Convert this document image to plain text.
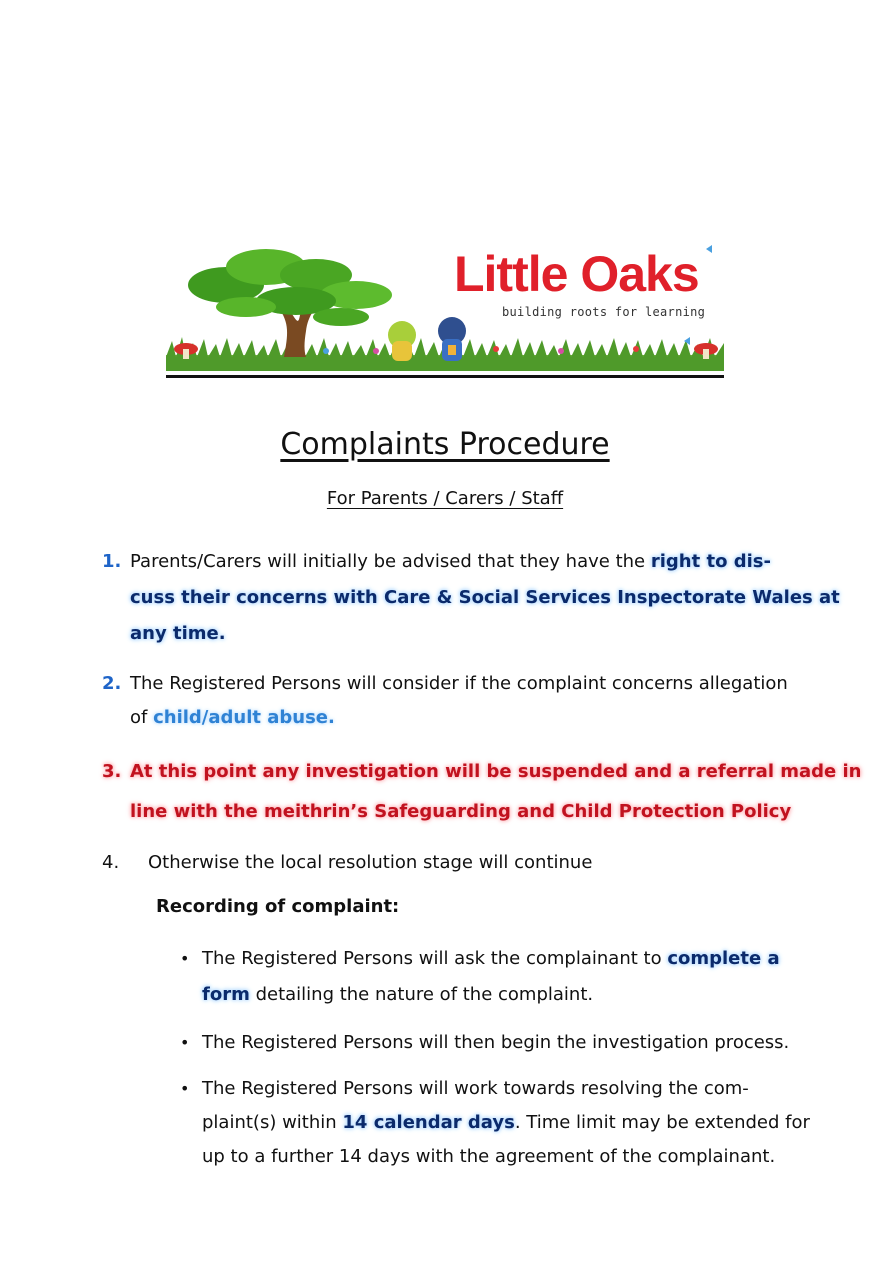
Little Oaks
building roots for learning
Complaints Procedure
For Parents / Carers / Staff
1. Parents/Carers will initially be advised that they have the right to dis-
cuss their concerns with Care & Social Services Inspectorate Wales at
any time.
2. The Registered Persons will consider if the complaint concerns allegation
of child/adult abuse.
3. At this point any investigation will be suspended and a referral made in
line with the meithrin’s Safeguarding and Child Protection Policy
4. Otherwise the local resolution stage will continue
Recording of complaint:
• The Registered Persons will ask the complainant to complete a
form detailing the nature of the complaint.
• The Registered Persons will then begin the investigation process.
• The Registered Persons will work towards resolving the com-
plaint(s) within 14 calendar days. Time limit may be extended for
up to a further 14 days with the agreement of the complainant.
